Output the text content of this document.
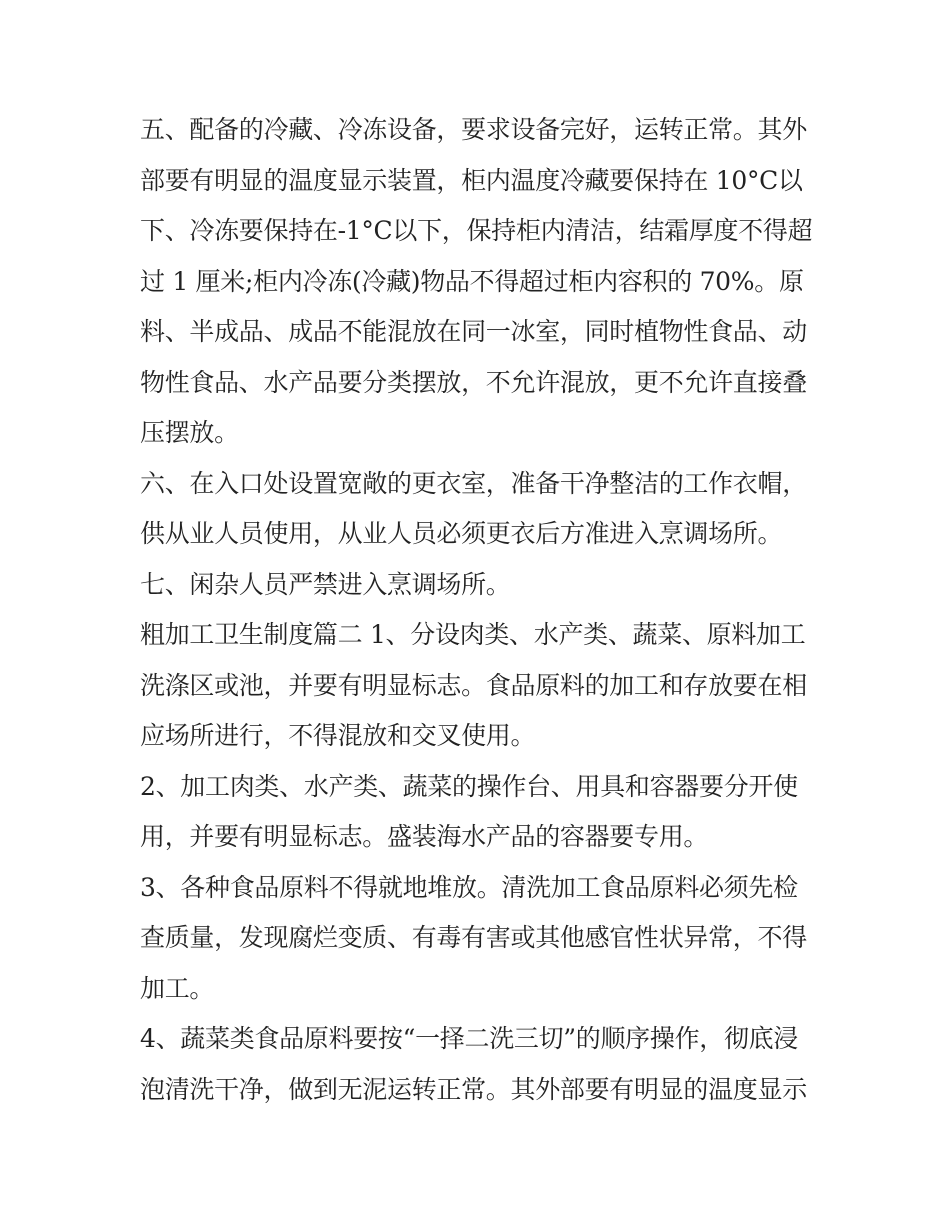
五、配备的冷藏、冷冻设备，要求设备完好，运转正常。其外
部要有明显的温度显示装置，柜内温度冷藏要保持在 10°C以
下、冷冻要保持在-1°C以下，保持柜内清洁，结霜厚度不得超
过 1 厘米;柜内冷冻(冷藏)物品不得超过柜内容积的 70%。原
料、半成品、成品不能混放在同一冰室，同时植物性食品、动
物性食品、水产品要分类摆放，不允许混放，更不允许直接叠
压摆放。
六、在入口处设置宽敞的更衣室，准备干净整洁的工作衣帽，
供从业人员使用，从业人员必须更衣后方准进入烹调场所。
七、闲杂人员严禁进入烹调场所。
粗加工卫生制度篇二 1、分设肉类、水产类、蔬菜、原料加工
洗涤区或池，并要有明显标志。食品原料的加工和存放要在相
应场所进行，不得混放和交叉使用。
2、加工肉类、水产类、蔬菜的操作台、用具和容器要分开使
用，并要有明显标志。盛装海水产品的容器要专用。
3、各种食品原料不得就地堆放。清洗加工食品原料必须先检
查质量，发现腐烂变质、有毒有害或其他感官性状异常，不得
加工。
4、蔬菜类食品原料要按“一择二洗三切”的顺序操作，彻底浸
泡清洗干净，做到无泥运转正常。其外部要有明显的温度显示
